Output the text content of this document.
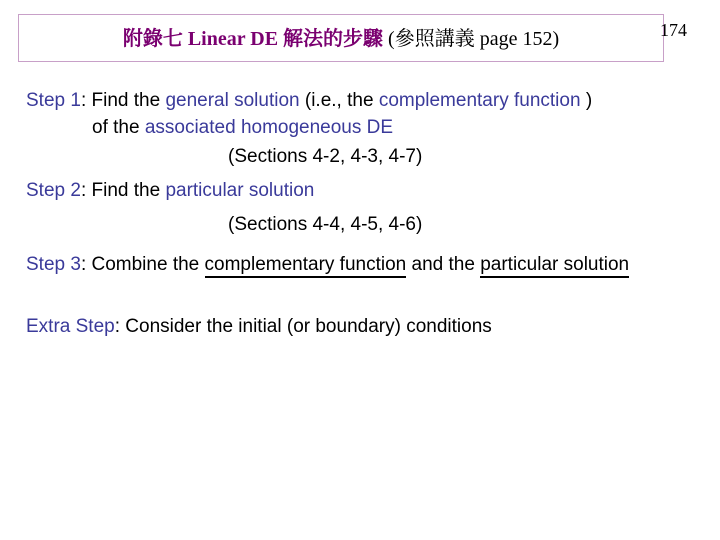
附錄七 Linear DE 解法的步驟 (參照講義 page 152)	174
Step 1: Find the general solution (i.e., the complementary function )
of the associated homogeneous DE
(Sections 4-2, 4-3, 4-7)
Step 2: Find the particular solution
(Sections 4-4, 4-5, 4-6)
Step 3: Combine the complementary function and the particular solution
Extra Step: Consider the initial (or boundary) conditions
